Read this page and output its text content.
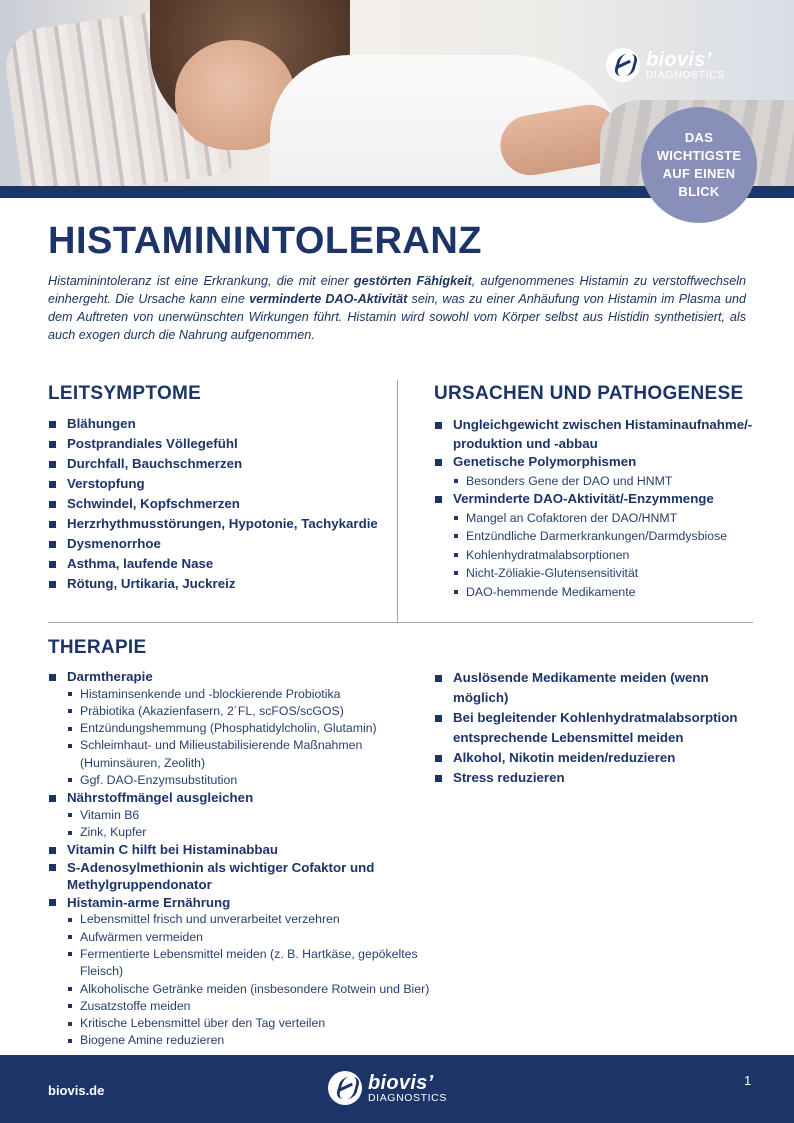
biovis’
DIAGNOSTICS
DAS WICHTIGSTE AUF EINEN BLICK
HISTAMININTOLERANZ

Histaminintoleranz ist eine Erkrankung, die mit einer gestörten Fähigkeit, aufgenommenes Histamin zu verstoffwechseln einhergeht. Die Ursache kann eine verminderte DAO-Aktivität sein, was zu einer Anhäufung von Histamin im Plasma und dem Auftreten von unerwünschten Wirkungen führt. Histamin wird sowohl vom Körper selbst aus Histidin synthetisiert, als auch exogen durch die Nahrung aufgenommen.

LEITSYMPTOME	URSACHEN UND PATHOGENESE
THERAPIE
Blähungen
Postprandiales Völlegefühl
Durchfall, Bauchschmerzen
Verstopfung
Schwindel, Kopfschmerzen
Herzrhythmusstörungen, Hypotonie, Tachykardie
Dysmenorrhoe
Asthma, laufende Nase
Rötung, Urtikaria, Juckreiz
Ungleichgewicht zwischen Histaminaufnahme/-produktion und -abbau
Genetische Polymorphismen
Besonders Gene der DAO und HNMT
Verminderte DAO-Aktivität/-Enzymmenge
Mangel an Cofaktoren der DAO/HNMT
Entzündliche Darmerkrankungen/Darmdysbiose
Kohlenhydratmalabsorptionen
Nicht-Zöliakie-Glutensensitivität
DAO-hemmende Medikamente
Darmtherapie
Histaminsenkende und -blockierende Probiotika
Präbiotika (Akazienfasern, 2´FL, scFOS/scGOS)
Entzündungshemmung (Phosphatidylcholin, Glutamin)
Schleimhaut- und Milieustabilisierende Maßnahmen (Huminsäuren, Zeolith)
Ggf. DAO-Enzymsubstitution
Nährstoffmängel ausgleichen
Vitamin B6
Zink, Kupfer
Vitamin C hilft bei Histaminabbau
S-Adenosylmethionin als wichtiger Cofaktor und Methylgruppendonator
Histamin-arme Ernährung
Lebensmittel frisch und unverarbeitet verzehren
Aufwärmen vermeiden
Fermentierte Lebensmittel meiden (z. B. Hartkäse, gepökeltes Fleisch)
Alkoholische Getränke meiden (insbesondere Rotwein und Bier)
Zusatzstoffe meiden
Kritische Lebensmittel über den Tag verteilen
Biogene Amine reduzieren
Auslösende Medikamente meiden (wenn möglich)
Bei begleitender Kohlenhydratmalabsorption entsprechende Lebensmittel meiden
Alkohol, Nikotin meiden/reduzieren
Stress reduzieren
biovis.de	biovis’
DIAGNOSTICS
1
